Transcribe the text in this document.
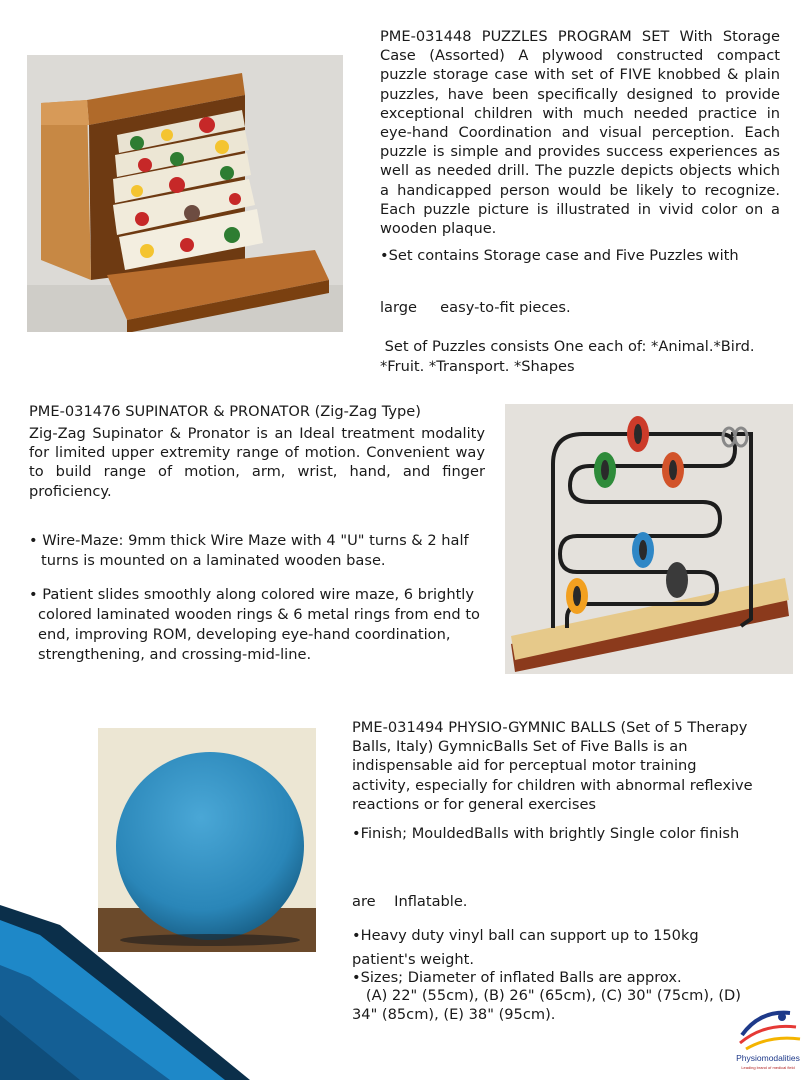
PME-031448 PUZZLES PROGRAM SET With Storage Case (Assorted) A plywood constructed compact puzzle storage case with set of FIVE knobbed & plain puzzles, have been specifically designed to provide exceptional children with much needed practice in eye-hand Coordination and visual perception. Each puzzle is simple and provides success experiences as well as needed drill. The puzzle depicts objects which a handicapped person would be likely to recognize. Each puzzle picture is illustrated in vivid color on a wooden plaque.
•Set contains Storage case and Five Puzzles with
large     easy-to-fit pieces.
Set of Puzzles consists One each of: *Animal.*Bird.
*Fruit. *Transport. *Shapes
PME-031476 SUPINATOR & PRONATOR (Zig-Zag Type)
Zig-Zag Supinator & Pronator is an Ideal treatment modality for limited upper extremity range of motion. Convenient way to build range of motion, arm, wrist, hand, and finger proficiency.
• Wire-Maze: 9mm thick Wire Maze with 4 "U" turns & 2 half
turns is mounted on a laminated wooden base.
• Patient slides smoothly along colored wire maze, 6 brightly
colored laminated wooden rings & 6 metal rings from end to
end, improving ROM, developing eye-hand coordination,
strengthening, and crossing-mid-line.
PME-031494 PHYSIO-GYMNIC BALLS (Set of 5 Therapy Balls, Italy) GymnicBalls Set of Five Balls is an indispensable aid for perceptual motor training activity, especially for children with abnormal reflexive reactions or for general exercises
•Finish; MouldedBalls with brightly Single color finish
are    Inflatable.
•Heavy duty vinyl ball can support up to 150kg
patient's weight.
•Sizes; Diameter of inflated Balls are approx.
(A) 22" (55cm), (B) 26" (65cm), (C) 30" (75cm), (D)
34" (85cm), (E) 38" (95cm).
Physiomodalities
Leading brand of medical field
